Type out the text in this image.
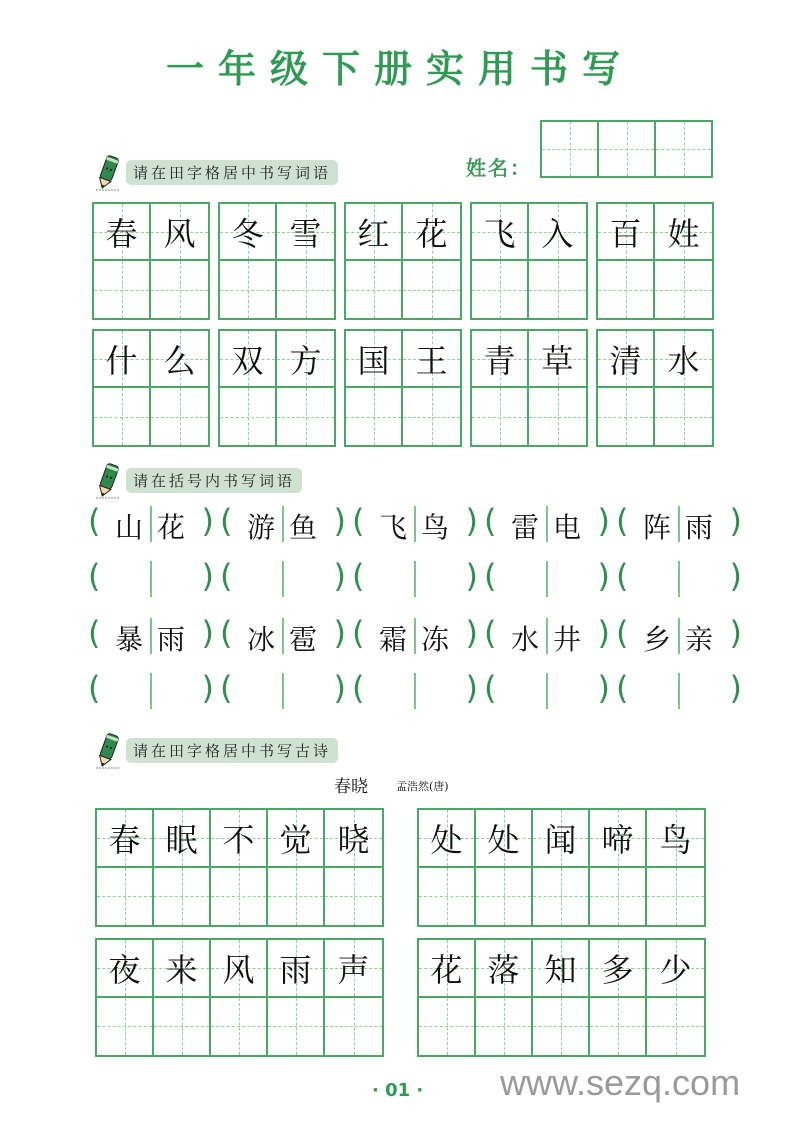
一年级下册实用书写
姓名：
请在田字格居中书写词语
春 风	冬 雪	红 花	飞 入	百 姓
什 么	双 方	国 王	青 草	清 水
请在括号内书写词语
( 山 花 ) ( 游 鱼 ) ( 飞 鸟 ) ( 雷 电 ) ( 阵 雨 )
(	) (	) (	) (	) (	)
( 暴 雨 ) ( 冰 雹 ) ( 霜 冻 ) ( 水 井 ) ( 乡 亲 )
(	) (	) (	) (	) (	)
请在田字格居中书写古诗
春晓	孟浩然(唐)
春 眠 不 觉 晓	处 处 闻 啼 鸟
夜 来 风 雨 声	花 落 知 多 少
· 01 · www.sezq.com
